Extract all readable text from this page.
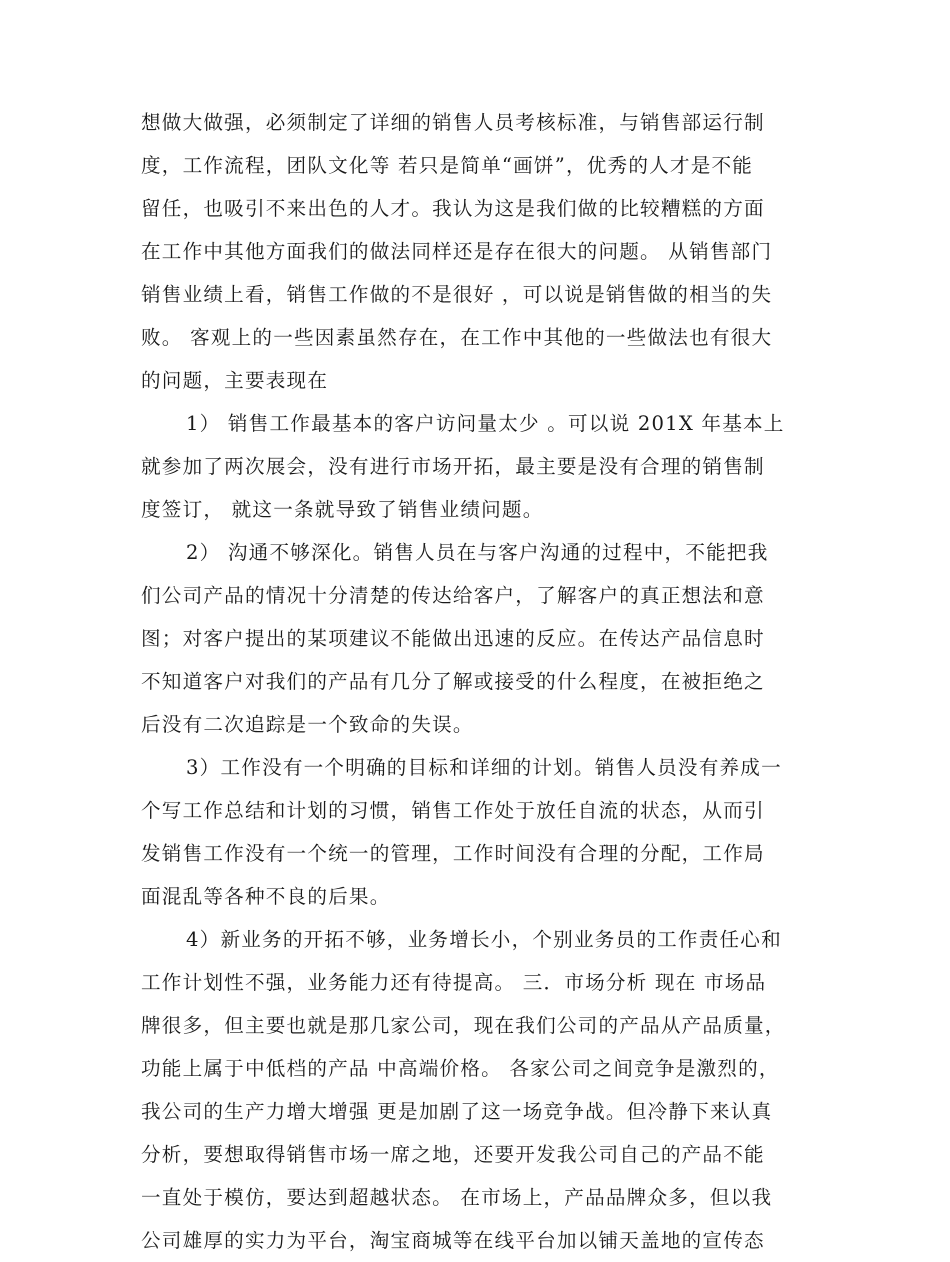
想做大做强，必须制定了详细的销售人员考核标准，与销售部运行制
度，工作流程，团队文化等 若只是简单“画饼”，优秀的人才是不能
留任，也吸引不来出色的人才。我认为这是我们做的比较糟糕的方面
在工作中其他方面我们的做法同样还是存在很大的问题。 从销售部门
销售业绩上看，销售工作做的不是很好 ，可以说是销售做的相当的失
败。 客观上的一些因素虽然存在，在工作中其他的一些做法也有很大
的问题，主要表现在
1） 销售工作最基本的客户访问量太少 。可以说 201X 年基本上
就参加了两次展会，没有进行市场开拓，最主要是没有合理的销售制
度签订， 就这一条就导致了销售业绩问题。
2） 沟通不够深化。销售人员在与客户沟通的过程中，不能把我
们公司产品的情况十分清楚的传达给客户，了解客户的真正想法和意
图；对客户提出的某项建议不能做出迅速的反应。在传达产品信息时
不知道客户对我们的产品有几分了解或接受的什么程度，在被拒绝之
后没有二次追踪是一个致命的失误。
3）工作没有一个明确的目标和详细的计划。销售人员没有养成一
个写工作总结和计划的习惯，销售工作处于放任自流的状态，从而引
发销售工作没有一个统一的管理，工作时间没有合理的分配，工作局
面混乱等各种不良的后果。
4）新业务的开拓不够，业务增长小，个别业务员的工作责任心和
工作计划性不强，业务能力还有待提高。 三．市场分析 现在 市场品
牌很多，但主要也就是那几家公司，现在我们公司的产品从产品质量，
功能上属于中低档的产品 中高端价格。 各家公司之间竞争是激烈的，
我公司的生产力增大增强 更是加剧了这一场竞争战。但冷静下来认真
分析，要想取得销售市场一席之地，还要开发我公司自己的产品不能
一直处于模仿，要达到超越状态。 在市场上，产品品牌众多，但以我
公司雄厚的实力为平台，淘宝商城等在线平台加以铺天盖地的宣传态
